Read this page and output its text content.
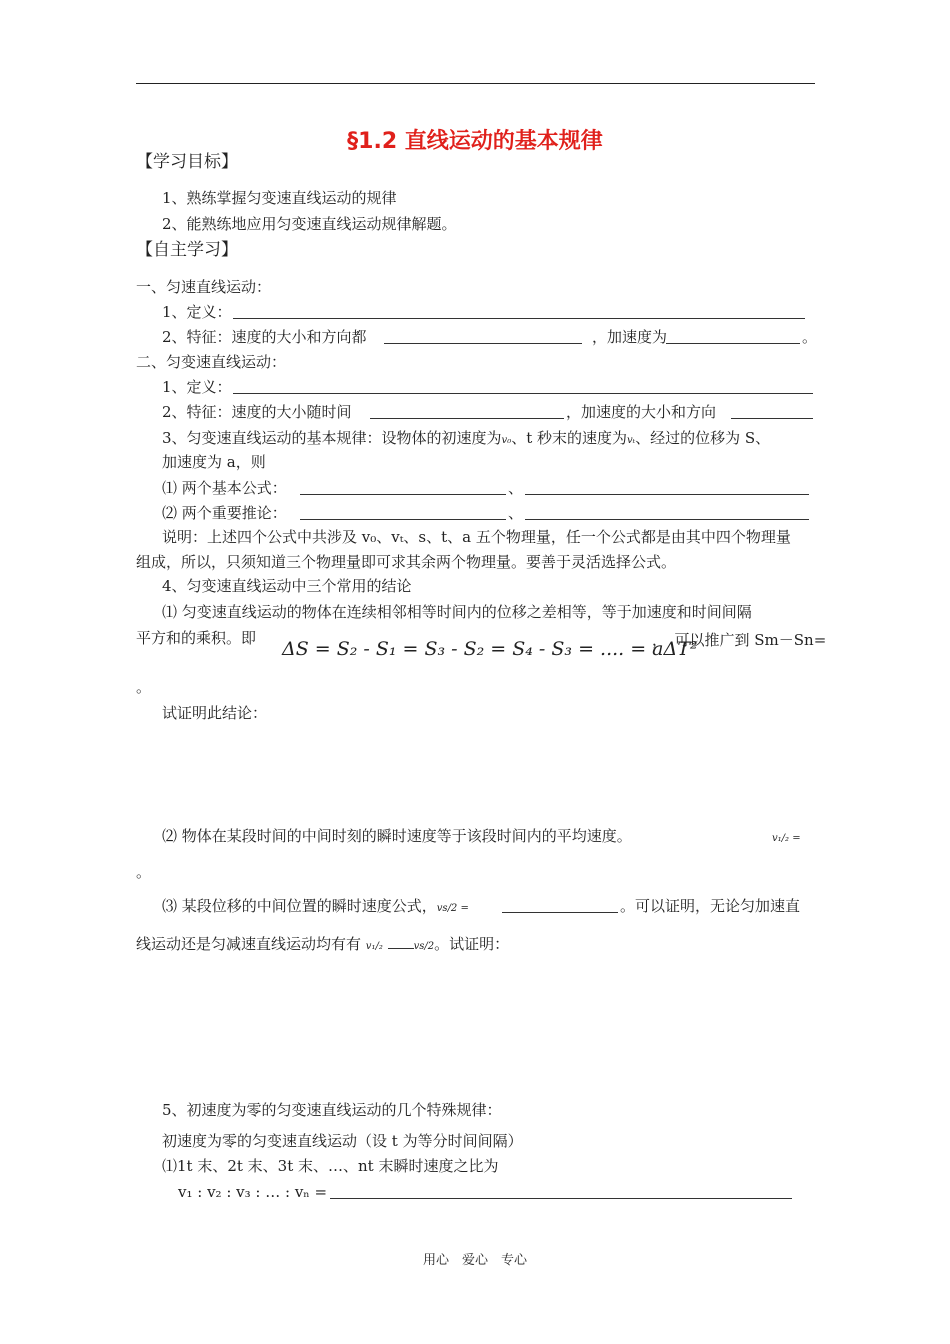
§1.2 直线运动的基本规律
【学习目标】
1、熟练掌握匀变速直线运动的规律
2、能熟练地应用匀变速直线运动规律解题。
【自主学习】
一、匀速直线运动：
1、定义：
2、特征：速度的大小和方向都	，加速度为	。
二、匀变速直线运动：
1、定义：
2、特征：速度的大小随时间	，加速度的大小和方向
3、匀变速直线运动的基本规律：设物体的初速度为v₀、t 秒末的速度为vₜ、经过的位移为 S、
加速度为 a，则
⑴ 两个基本公式：	、
⑵ 两个重要推论：	、
说明：上述四个公式中共涉及 v₀、vₜ、s、t、a 五个物理量，任一个公式都是由其中四个物理量
组成，所以，只须知道三个物理量即可求其余两个物理量。要善于灵活选择公式。
4、匀变速直线运动中三个常用的结论
⑴ 匀变速直线运动的物体在连续相邻相等时间内的位移之差相等，等于加速度和时间间隔
平方和的乘积。即 ΔS = S₂ - S₁ = S₃ - S₂ = S₄ - S₃ = .... = aΔT²
，　可以推广到 Sm－Sn=
。
试证明此结论：
⑵ 物体在某段时间的中间时刻的瞬时速度等于该段时间内的平均速度。	v₁/₂ =
。
⑶ 某段位移的中间位置的瞬时速度公式，vs/2 =	。可以证明，无论匀加速直
线运动还是匀减速直线运动均有有 v₁/₂	vs/2。试证明：
5、初速度为零的匀变速直线运动的几个特殊规律：
初速度为零的匀变速直线运动（设 t 为等分时间间隔）
⑴1t 末、2t 末、3t 末、…、nt 末瞬时速度之比为
v₁ : v₂ : v₃ : … : vₙ =
用心　爱心　专心
